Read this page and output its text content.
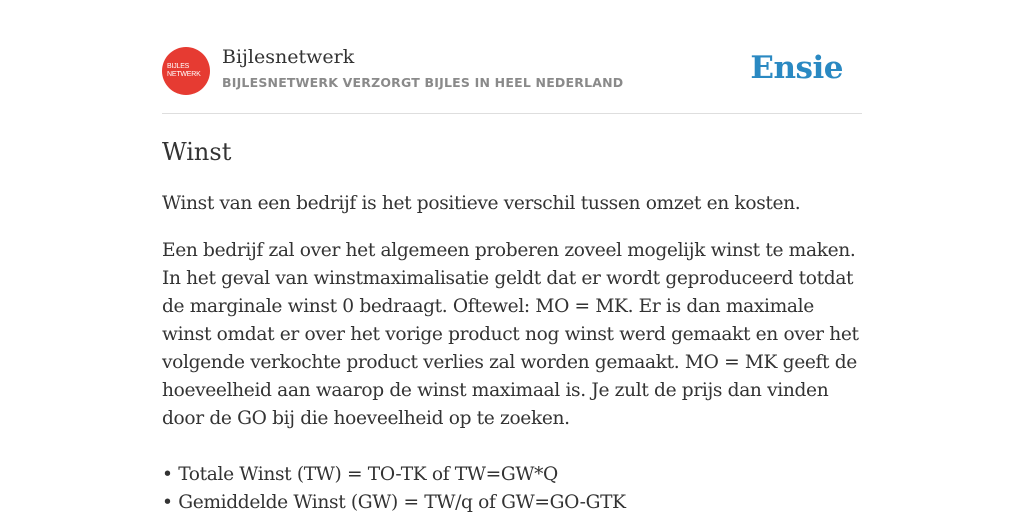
BIJLES
NETWERK
Bijlesnetwerk
BIJLESNETWERK VERZORGT BIJLES IN HEEL NEDERLAND	Ensie
Winst

Winst van een bedrijf is het positieve verschil tussen omzet en kosten.

Een bedrijf zal over het algemeen proberen zoveel mogelijk winst te maken. In het geval van winstmaximalisatie geldt dat er wordt geproduceerd totdat de marginale winst 0 bedraagt. Oftewel: MO = MK. Er is dan maximale winst omdat er over het vorige product nog winst werd gemaakt en over het volgende verkochte product verlies zal worden gemaakt. MO = MK geeft de hoeveelheid aan waarop de winst maximaal is. Je zult de prijs dan vinden door de GO bij die hoeveelheid op te zoeken.

• Totale Winst (TW) = TO-TK of TW=GW*Q
• Gemiddelde Winst (GW) = TW/q of GW=GO-GTK
